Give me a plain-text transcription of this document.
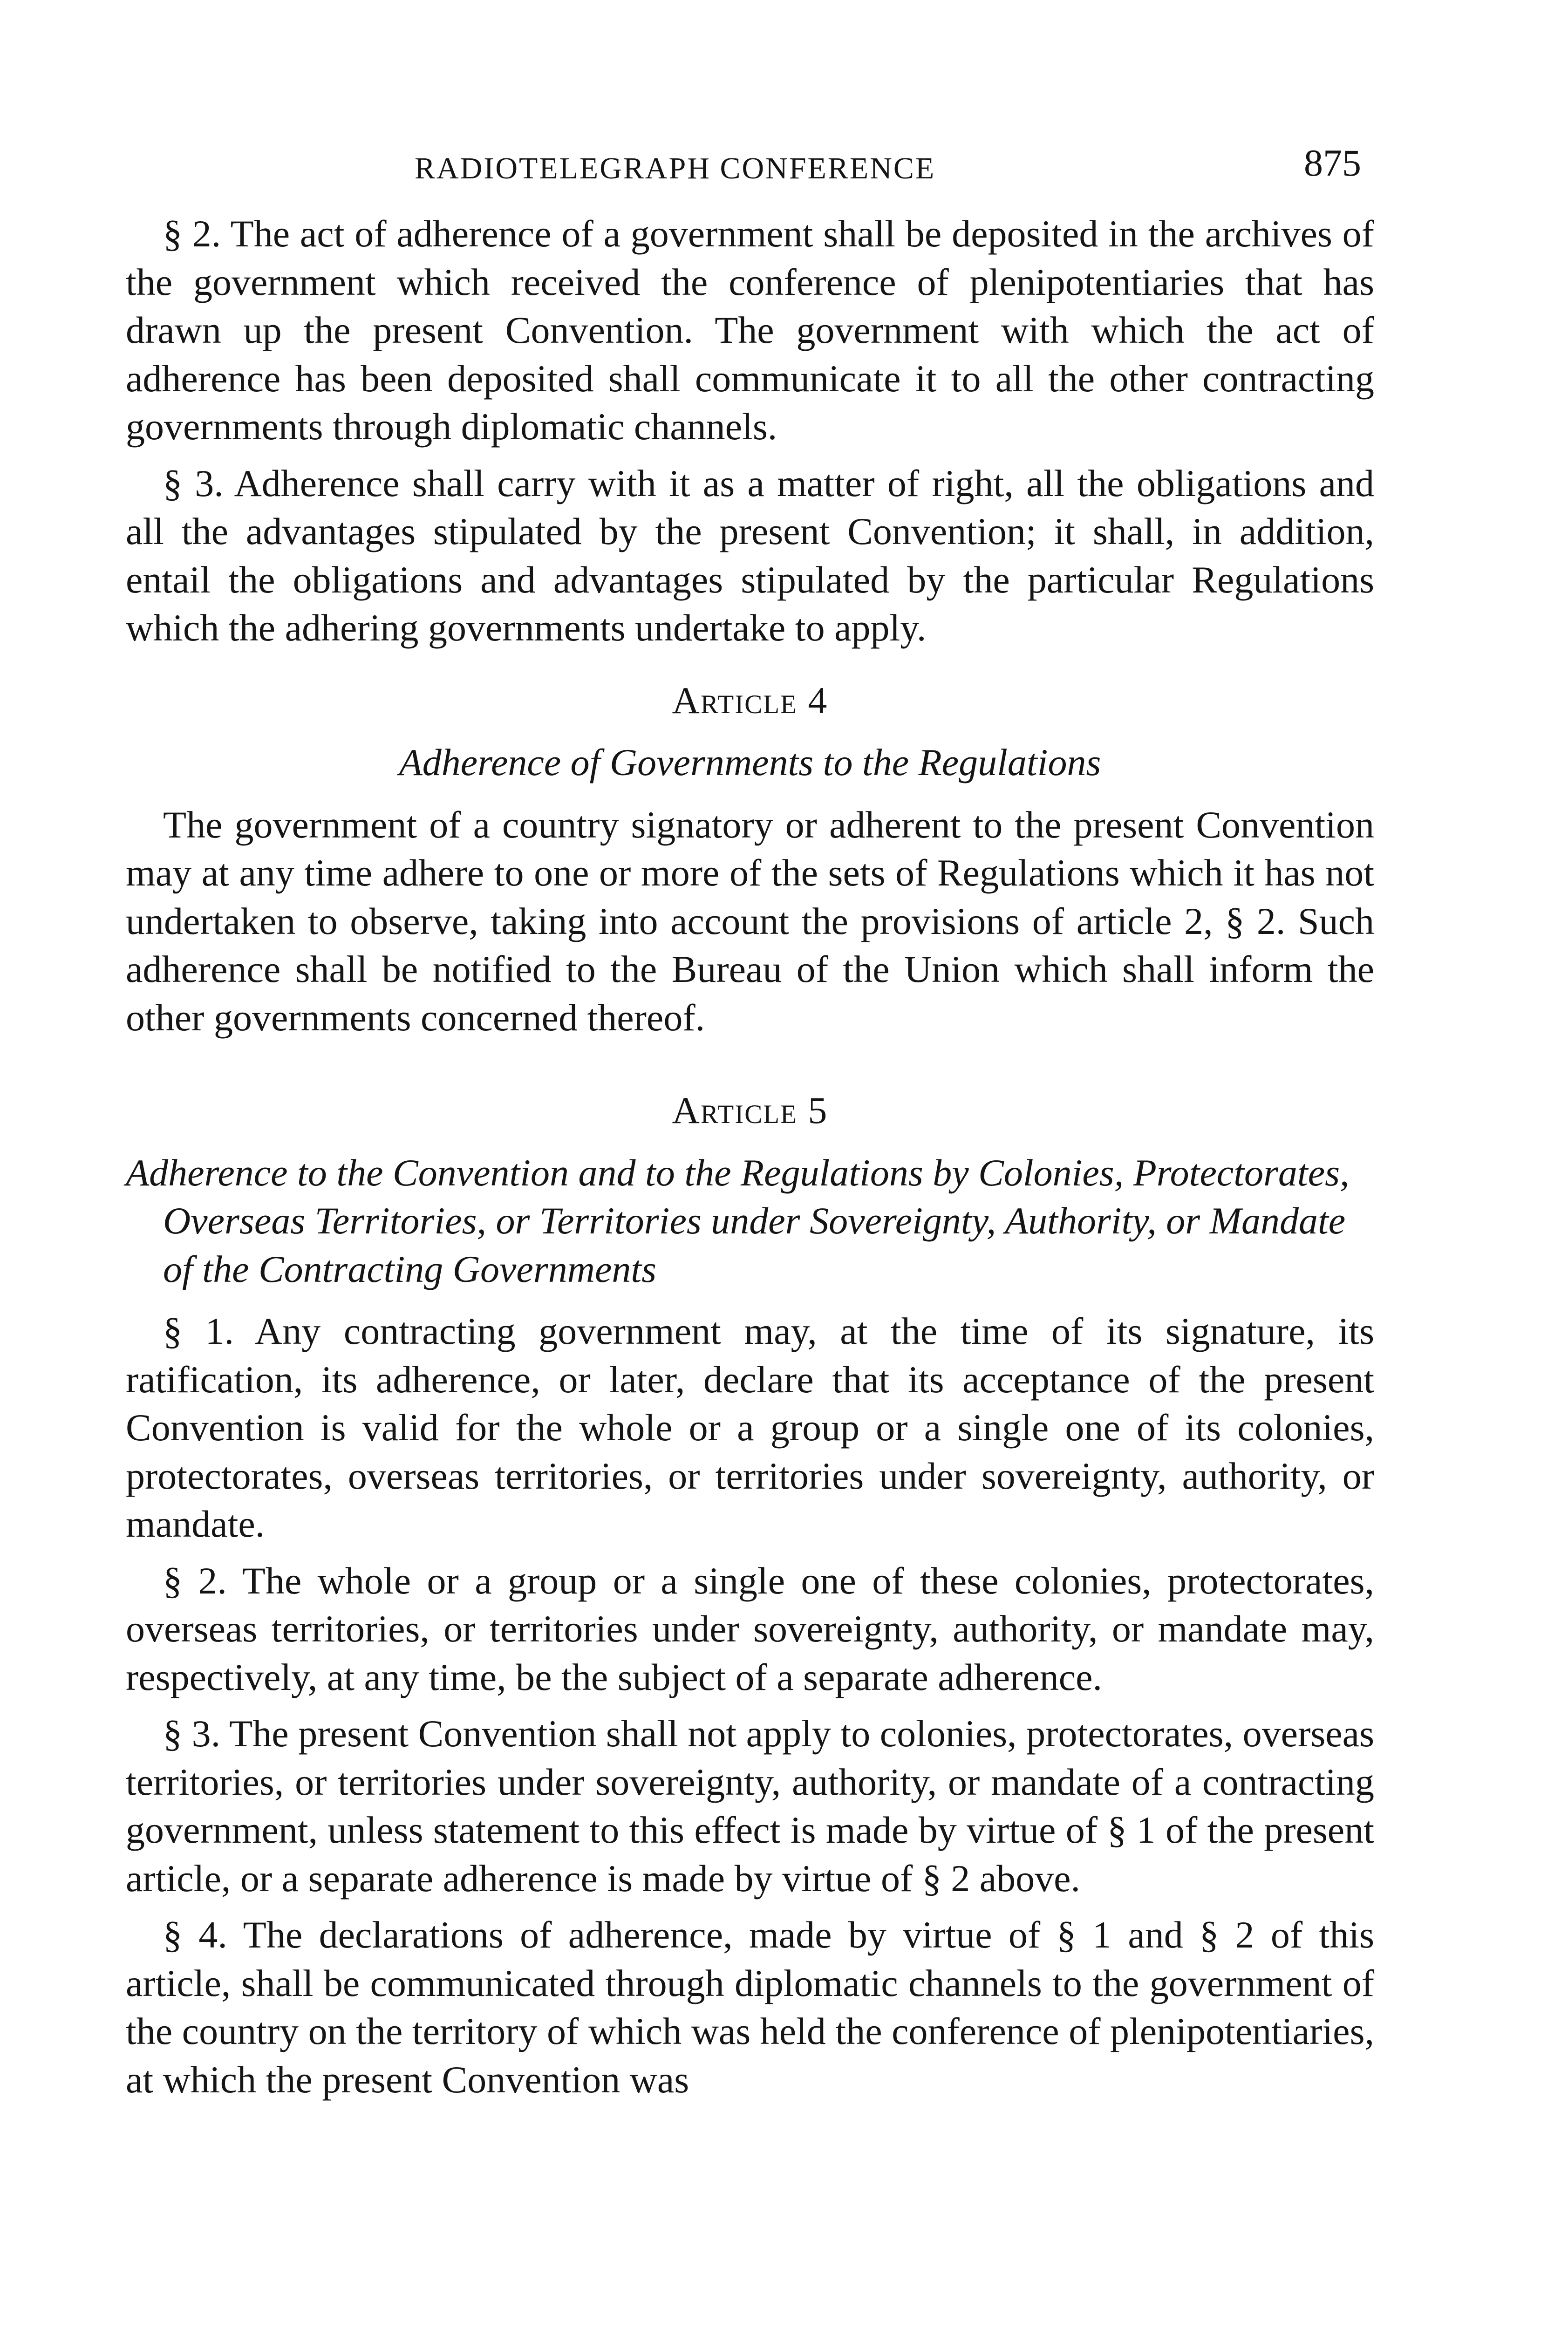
RADIOTELEGRAPH CONFERENCE	875

§ 2. The act of adherence of a government shall be deposited in the archives of the government which received the conference of plenipotentiaries that has drawn up the present Convention. The government with which the act of adherence has been deposited shall communicate it to all the other contracting governments through diplomatic channels.

§ 3. Adherence shall carry with it as a matter of right, all the obligations and all the advantages stipulated by the present Convention; it shall, in addition, entail the obligations and advantages stipulated by the particular Regulations which the adhering governments undertake to apply.

Article 4
Adherence of Governments to the Regulations

The government of a country signatory or adherent to the present Convention may at any time adhere to one or more of the sets of Regulations which it has not undertaken to observe, taking into account the provisions of article 2, § 2. Such adherence shall be notified to the Bureau of the Union which shall inform the other governments concerned thereof.

Article 5
Adherence to the Convention and to the Regulations by Colonies, Protectorates, Overseas Territories, or Territories under Sovereignty, Authority, or Mandate of the Contracting Governments

§ 1. Any contracting government may, at the time of its signature, its ratification, its adherence, or later, declare that its acceptance of the present Convention is valid for the whole or a group or a single one of its colonies, protectorates, overseas territories, or territories under sovereignty, authority, or mandate.

§ 2. The whole or a group or a single one of these colonies, protectorates, overseas territories, or territories under sovereignty, authority, or mandate may, respectively, at any time, be the subject of a separate adherence.

§ 3. The present Convention shall not apply to colonies, protectorates, overseas territories, or territories under sovereignty, authority, or mandate of a contracting government, unless statement to this effect is made by virtue of § 1 of the present article, or a separate adherence is made by virtue of § 2 above.

§ 4. The declarations of adherence, made by virtue of § 1 and § 2 of this article, shall be communicated through diplomatic channels to the government of the country on the territory of which was held the conference of plenipotentiaries, at which the present Convention was
